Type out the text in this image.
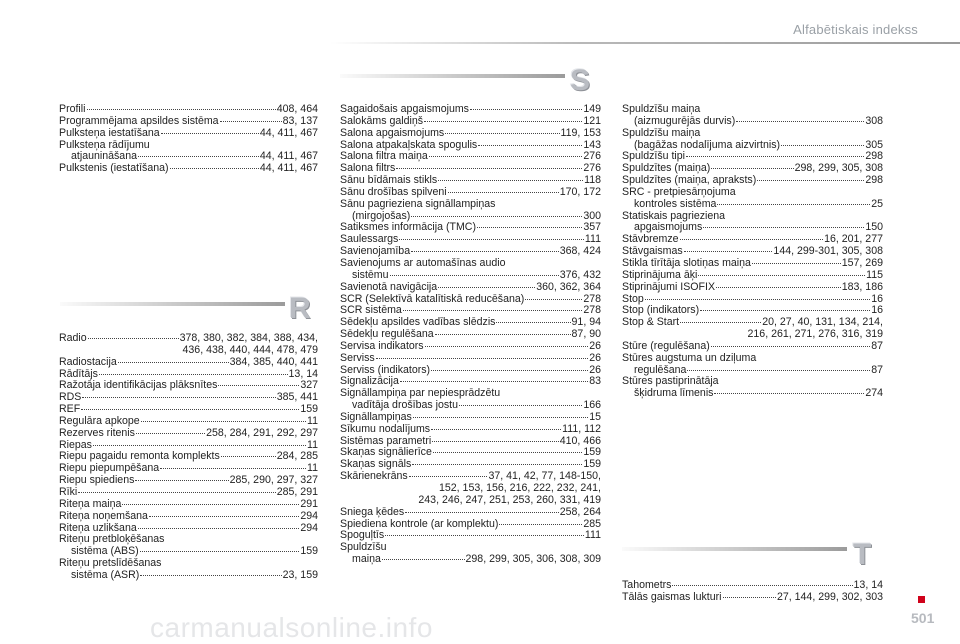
Alfabētiskais indekss
S
R
T
Profili	408, 464
Programmējama apsildes sistēma	83, 137
Pulksteņa iestatīšana	44, 411, 467
Pulksteņa rādījumu
atjaunināšana	44, 411, 467
Pulkstenis (iestatīšana)	44, 411, 467
Radio	378, 380, 382, 384, 388, 434,
436, 438, 440, 444, 478, 479
Radiostacija	384, 385, 440, 441
Rādītājs	13, 14
Ražotāja identifikācijas plāksnītes	327
RDS	385, 441
REF	159
Regulāra apkope	11
Rezerves ritenis	258, 284, 291, 292, 297
Riepas	11
Riepu pagaidu remonta komplekts	284, 285
Riepu piepumpēšana	11
Riepu spiediens	285, 290, 297, 327
Rīki	285, 291
Riteņa maiņa	291
Riteņa noņemšana	294
Riteņa uzlikšana	294
Riteņu pretbloķēšanas
sistēma (ABS)	159
Riteņu pretslīdēšanas
sistēma (ASR)	23, 159
Sagaidošais apgaismojums	149
Salokāms galdiņš	121
Salona apgaismojums	119, 153
Salona atpakaļskata spogulis	143
Salona filtra maiņa	276
Salona filtrs	276
Sānu bīdāmais stikls	118
Sānu drošības spilveni	170, 172
Sānu pagrieziena signāllampiņas
(mirgojošas)	300
Satiksmes informācija (TMC)	357
Saulessargs	111
Savienojamība	368, 424
Savienojums ar automašīnas audio
sistēmu	376, 432
Savienotā navigācija	360, 362, 364
SCR (Selektīvā katalītiskā reducēšana)	278
SCR sistēma	278
Sēdekļu apsildes vadības slēdzis	91, 94
Sēdekļu regulēšana	87, 90
Servisa indikators	26
Serviss	26
Serviss (indikators)	26
Signalizācija	83
Signāllampiņa par nepiesprādzētu
vadītāja drošības jostu	166
Signāllampiņas	15
Sīkumu nodalījums	111, 112
Sistēmas parametri	410, 466
Skaņas signālierīce	159
Skaņas signāls	159
Skārienekrāns	37, 41, 42, 77, 148-150,
152, 153, 156, 216, 222, 232, 241,
243, 246, 247, 251, 253, 260, 331, 419
Sniega ķēdes	258, 264
Spiediena kontrole (ar komplektu)	285
Spoguļtīs	111
Spuldzīšu
maiņa	298, 299, 305, 306, 308, 309
Spuldzīšu maiņa
(aizmugurējās durvis)	308
Spuldzīšu maiņa
(bagāžas nodalījuma aizvirtnis)	305
Spuldzīšu tipi	298
Spuldzītes (maiņa)	298, 299, 305, 308
Spuldzītes (maiņa, apraksts)	298
SRC - pretpiesārņojuma
kontroles sistēma	25
Statiskais pagrieziena
apgaismojums	150
Stāvbremze	16, 201, 277
Stāvgaismas	144, 299-301, 305, 308
Stikla tīrītāja slotiņas maiņa	157, 269
Stiprinājuma āķi	115
Stiprinājumi ISOFIX	183, 186
Stop	16
Stop (indikators)	16
Stop & Start	20, 27, 40, 131, 134, 214,
216, 261, 271, 276, 316, 319
Stūre (regulēšana)	87
Stūres augstuma un dziļuma
regulēšana	87
Stūres pastiprinātāja
šķidruma līmenis	274
Tahometrs	13, 14
Tālās gaismas lukturi	27, 144, 299, 302, 303
carmanualsonline.info	501
